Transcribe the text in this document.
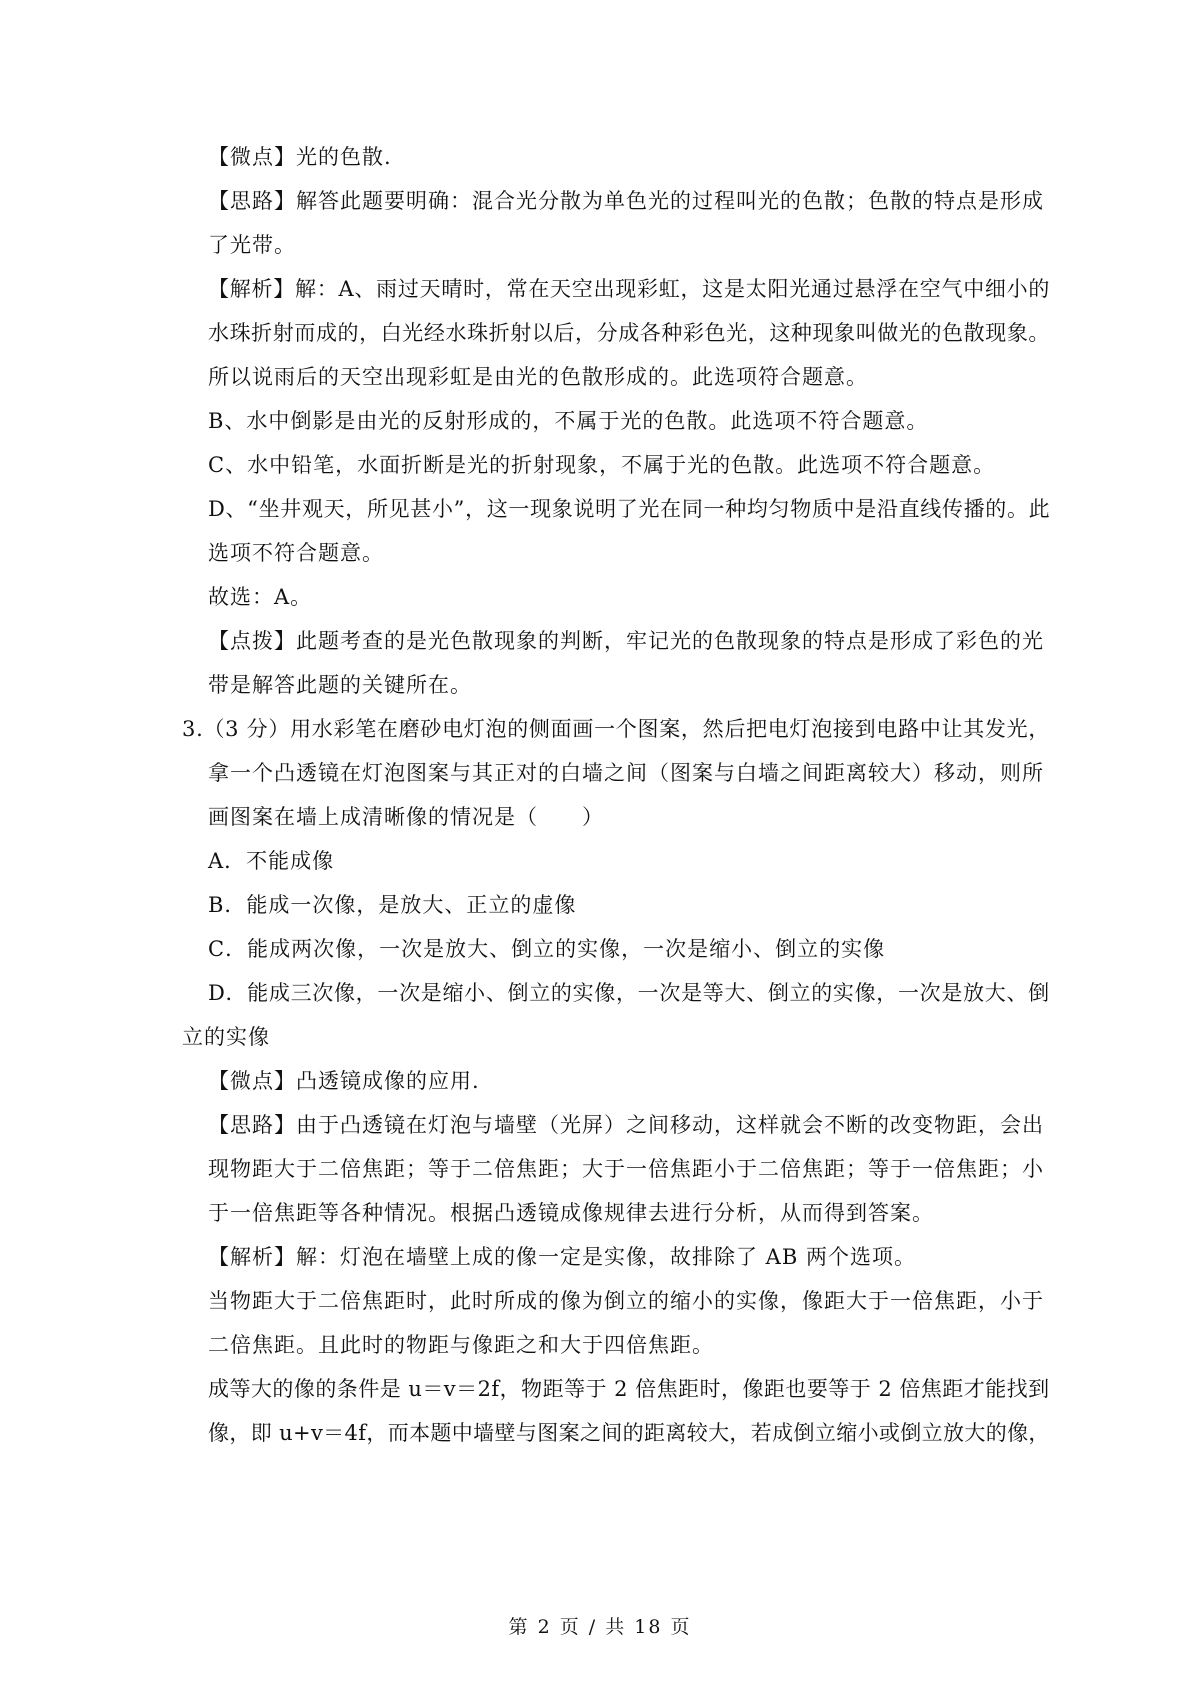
【微点】光的色散.
【思路】解答此题要明确：混合光分散为单色光的过程叫光的色散；色散的特点是形成
了光带。
【解析】解：A、雨过天晴时，常在天空出现彩虹，这是太阳光通过悬浮在空气中细小的
水珠折射而成的，白光经水珠折射以后，分成各种彩色光，这种现象叫做光的色散现象。
所以说雨后的天空出现彩虹是由光的色散形成的。此选项符合题意。
B、水中倒影是由光的反射形成的，不属于光的色散。此选项不符合题意。
C、水中铅笔，水面折断是光的折射现象，不属于光的色散。此选项不符合题意。
D、“坐井观天，所见甚小”，这一现象说明了光在同一种均匀物质中是沿直线传播的。此
选项不符合题意。
故选：A。
【点拨】此题考查的是光色散现象的判断，牢记光的色散现象的特点是形成了彩色的光
带是解答此题的关键所在。
3.（3 分）用水彩笔在磨砂电灯泡的侧面画一个图案，然后把电灯泡接到电路中让其发光，
拿一个凸透镜在灯泡图案与其正对的白墙之间（图案与白墙之间距离较大）移动，则所
画图案在墙上成清晰像的情况是（　　）
A．不能成像
B．能成一次像，是放大、正立的虚像
C．能成两次像，一次是放大、倒立的实像，一次是缩小、倒立的实像
D．能成三次像，一次是缩小、倒立的实像，一次是等大、倒立的实像，一次是放大、倒
立的实像
【微点】凸透镜成像的应用.
【思路】由于凸透镜在灯泡与墙壁（光屏）之间移动，这样就会不断的改变物距，会出
现物距大于二倍焦距；等于二倍焦距；大于一倍焦距小于二倍焦距；等于一倍焦距；小
于一倍焦距等各种情况。根据凸透镜成像规律去进行分析，从而得到答案。
【解析】解：灯泡在墙壁上成的像一定是实像，故排除了 AB 两个选项。
当物距大于二倍焦距时，此时所成的像为倒立的缩小的实像，像距大于一倍焦距，小于
二倍焦距。且此时的物距与像距之和大于四倍焦距。
成等大的像的条件是 u＝v＝2f，物距等于 2 倍焦距时，像距也要等于 2 倍焦距才能找到
像，即 u+v＝4f，而本题中墙壁与图案之间的距离较大，若成倒立缩小或倒立放大的像，
第 2 页 / 共 18 页
